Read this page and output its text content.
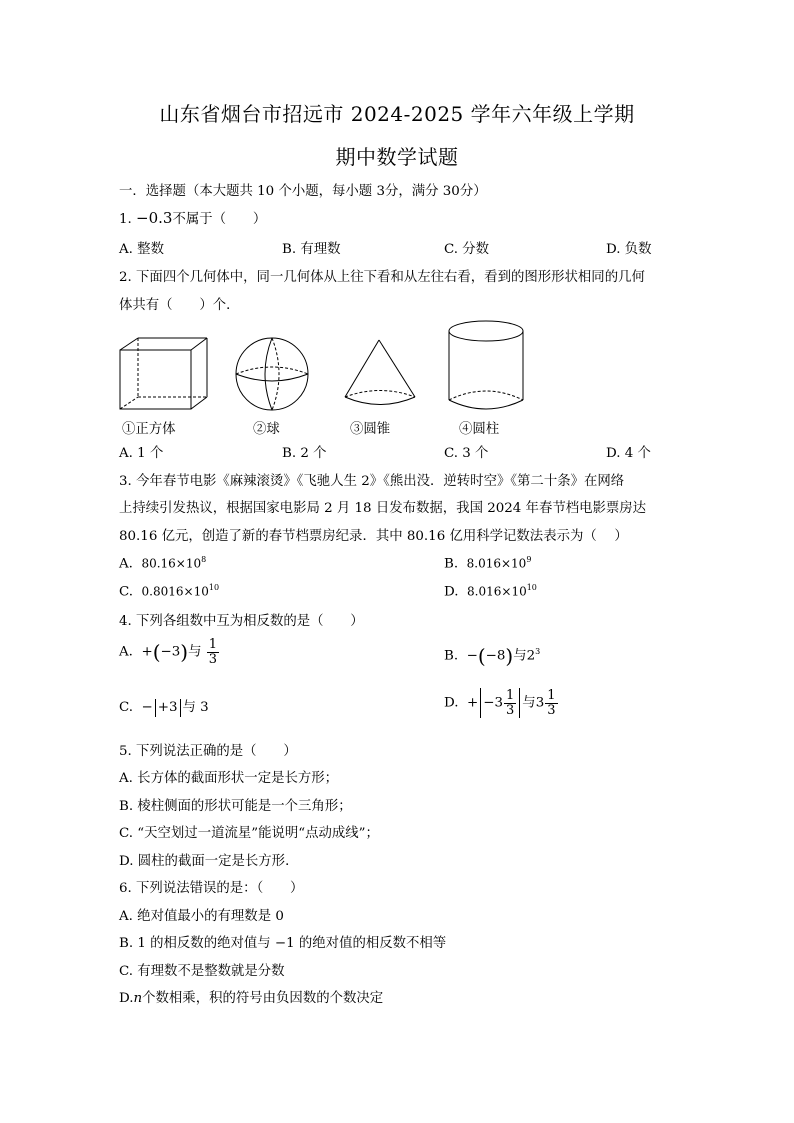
山东省烟台市招远市 2024-2025 学年六年级上学期
期中数学试题
一．选择题（本大题共 10 个小题，每小题 3分，满分 30分）
1. −0.3不属于（　　）
A. 整数	B. 有理数	C. 分数	D. 负数
2. 下面四个几何体中，同一几何体从上往下看和从左往右看，看到的图形形状相同的几何
体共有（　　）个．
①正方体	②球	③圆锥	④圆柱
A. 1 个	B. 2 个	C. 3 个	D. 4 个
3. 今年春节电影《麻辣滚烫》《飞驰人生 2》《熊出没．逆转时空》《第二十条》在网络
上持续引发热议，根据国家电影局 2 月 18 日发布数据，我国 2024 年春节档电影票房达
80.16 亿元，创造了新的春节档票房纪录．其中 80.16 亿用科学记数法表示为（　 ）
A. $80.16\times 10^8$	B. $8.016\times 10^9$
C. $0.8016\times 10^{10}$	D. $8.016\times 10^{10}$
4. 下列各组数中互为相反数的是（　　）
A. +(−3)与 $\frac{1}{3}$	B. −(−8)与$2^3$
C. − +3 与 3	D. + $-3 \frac{1}{3}$ 与$3 \frac{1}{3}$
5. 下列说法正确的是（　　）
A. 长方体的截面形状一定是长方形；
B. 棱柱侧面的形状可能是一个三角形；
C. “天空划过一道流星”能说明“点动成线”；
D. 圆柱的截面一定是长方形．
6. 下列说法错误的是：（　　）
A. 绝对值最小的有理数是 0
B. 1 的相反数的绝对值与 −1 的绝对值的相反数不相等
C. 有理数不是整数就是分数
D.n个数相乘，积的符号由负因数的个数决定
